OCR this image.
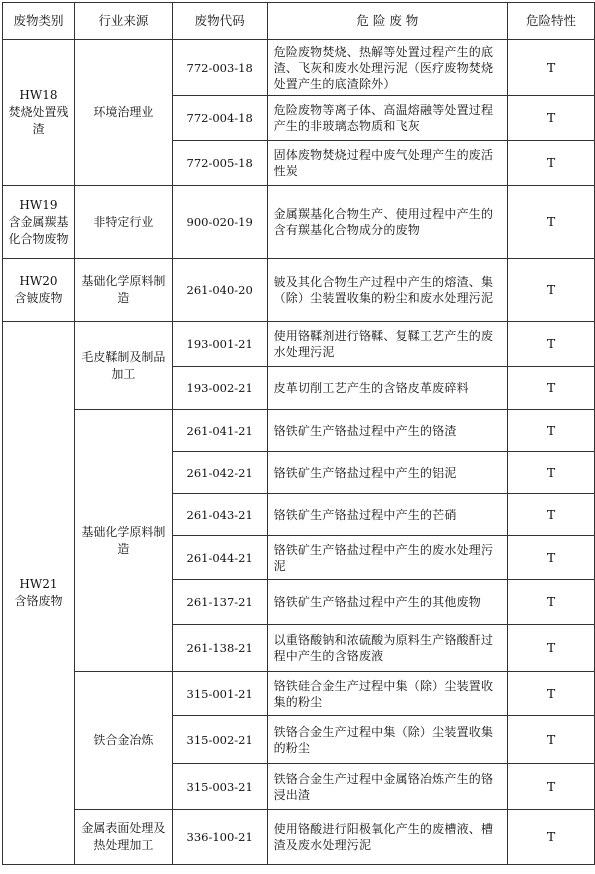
废物类别	行业来源	废物代码	危 险 废 物	危险特性

HW18
焚烧处置残渣	环境治理业	772-003-18	危险废物焚烧、热解等处置过程产生的底渣、飞灰和废水处理污泥（医疗废物焚烧处置产生的底渣除外）	T
		772-004-18	危险废物等离子体、高温熔融等处置过程产生的非玻璃态物质和飞灰	T
		772-005-18	固体废物焚烧过程中废气处理产生的废活性炭	T

HW19
含金属羰基化合物废物	非特定行业	900-020-19	金属羰基化合物生产、使用过程中产生的含有羰基化合物成分的废物	T

HW20
含铍废物	基础化学原料制造	261-040-20	铍及其化合物生产过程中产生的熔渣、集（除）尘装置收集的粉尘和废水处理污泥	T

HW21
含铬废物	毛皮鞣制及制品加工	193-001-21	使用铬鞣剂进行铬鞣、复鞣工艺产生的废水处理污泥	T
		193-002-21	皮革切削工艺产生的含铬皮革废碎料	T
	基础化学原料制造	261-041-21	铬铁矿生产铬盐过程中产生的铬渣	T
		261-042-21	铬铁矿生产铬盐过程中产生的铝泥	T
		261-043-21	铬铁矿生产铬盐过程中产生的芒硝	T
		261-044-21	铬铁矿生产铬盐过程中产生的废水处理污泥	T
		261-137-21	铬铁矿生产铬盐过程中产生的其他废物	T
		261-138-21	以重铬酸钠和浓硫酸为原料生产铬酸酐过程中产生的含铬废液	T
	铁合金冶炼	315-001-21	铬铁硅合金生产过程中集（除）尘装置收集的粉尘	T
		315-002-21	铁铬合金生产过程中集（除）尘装置收集的粉尘	T
		315-003-21	铁铬合金生产过程中金属铬冶炼产生的铬浸出渣	T
	金属表面处理及热处理加工	336-100-21	使用铬酸进行阳极氧化产生的废槽液、槽渣及废水处理污泥	T
